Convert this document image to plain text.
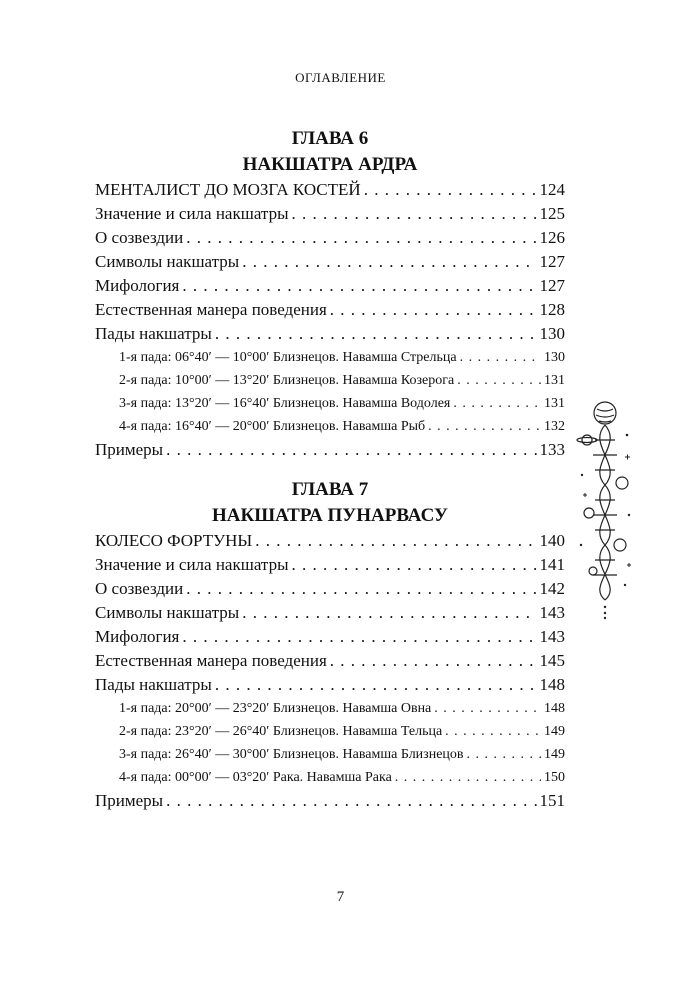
ОГЛАВЛЕНИЕ
ГЛАВА 6
НАКШАТРА АРДРА
МЕНТАЛИСТ ДО МОЗГА КОСТЕЙ . . .	124
Значение и сила накшатры . . .	125
О созвездии . . .	126
Символы накшатры . . .	127
Мифология . . .	127
Естественная манера поведения . . .	128
Пады накшатры . . .	130
1-я пада: 06°40′ — 10°00′ Близнецов. Навамша Стрельца . . .	130
2-я пада: 10°00′ — 13°20′ Близнецов. Навамша Козерога . . .	131
3-я пада: 13°20′ — 16°40′ Близнецов. Навамша Водолея . . .	131
4-я пада: 16°40′ — 20°00′ Близнецов. Навамша Рыб . . .	132
Примеры . . .	133
ГЛАВА 7
НАКШАТРА ПУНАРВАСУ
КОЛЕСО ФОРТУНЫ . . .	140
Значение и сила накшатры . . .	141
О созвездии . . .	142
Символы накшатры . . .	143
Мифология . . .	143
Естественная манера поведения . . .	145
Пады накшатры . . .	148
1-я пада: 20°00′ — 23°20′ Близнецов. Навамша Овна . . .	148
2-я пада: 23°20′ — 26°40′ Близнецов. Навамша Тельца . . .	149
3-я пада: 26°40′ — 30°00′ Близнецов. Навамша Близнецов . . .	149
4-я пада: 00°00′ — 03°20′ Рака. Навамша Рака . . .	150
Примеры . . .	151
7
